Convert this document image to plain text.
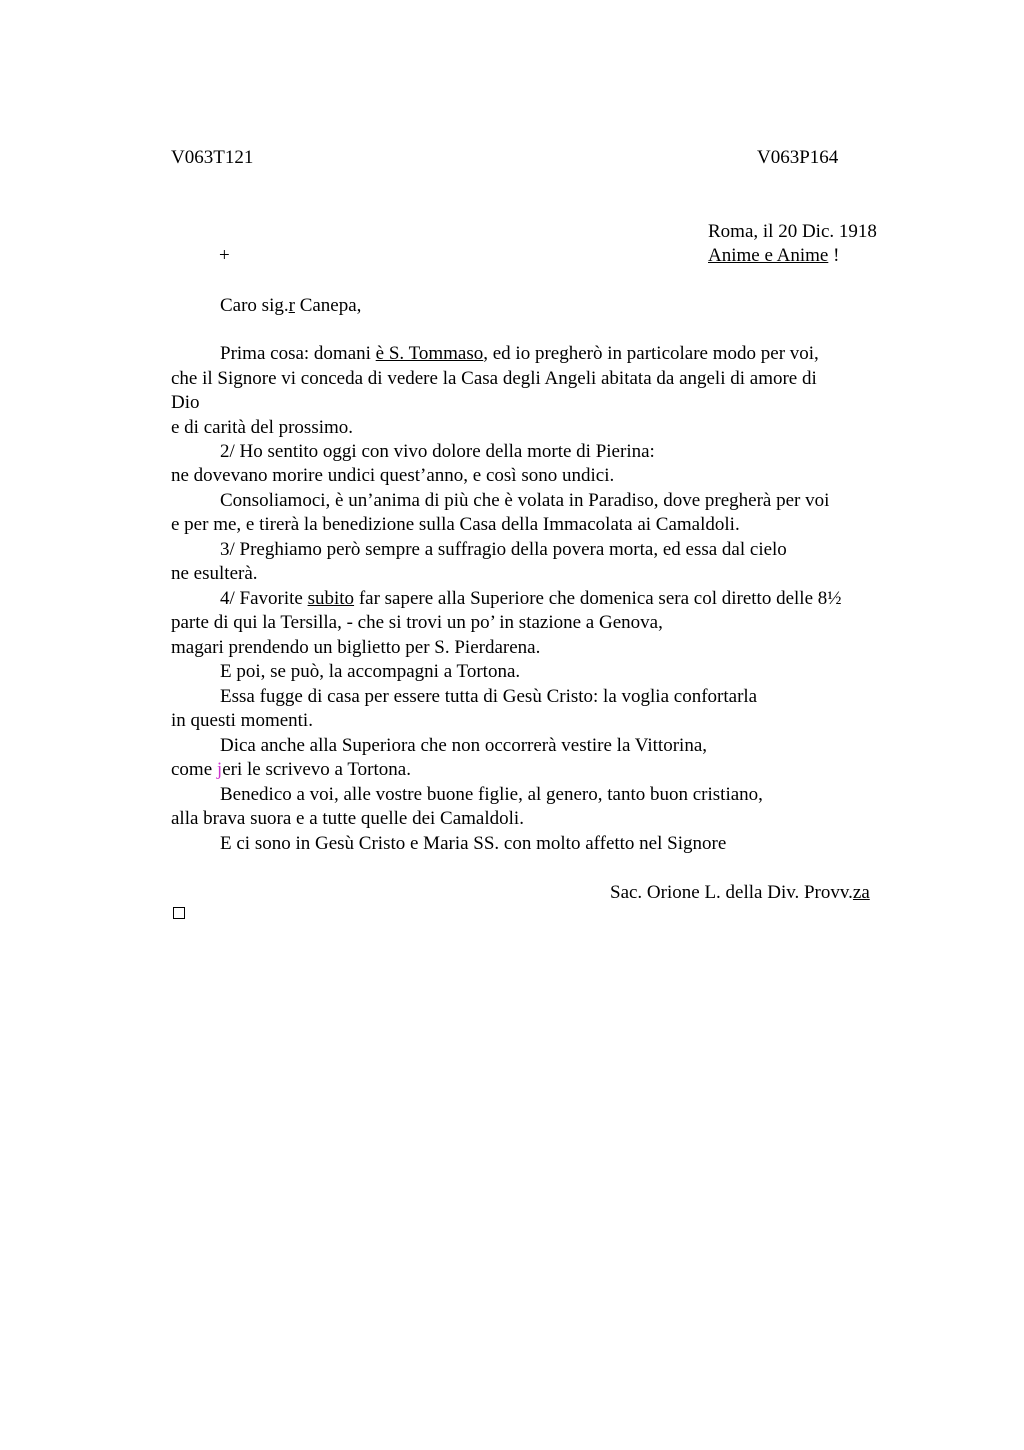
V063T121	V063P164
Roma, il 20 Dic. 1918
+	Anime e Anime !
Caro sig.r Canepa,
Prima cosa: domani è S. Tommaso, ed io pregherò in particolare modo per voi,
che il Signore vi conceda di vedere la Casa degli Angeli abitata da angeli di amore di
Dio
e di carità del prossimo.
2/ Ho sentito oggi con vivo dolore della morte di Pierina:
ne dovevano morire undici quest’anno, e così sono undici.
Consoliamoci, è un’anima di più che è volata in Paradiso, dove pregherà per voi
e per me, e tirerà la benedizione sulla Casa della Immacolata ai Camaldoli.
3/ Preghiamo però sempre a suffragio della povera morta, ed essa dal cielo
ne esulterà.
4/ Favorite subito far sapere alla Superiore che domenica sera col diretto delle 8½
parte di qui la Tersilla, - che si trovi un po’ in stazione a Genova,
magari prendendo un biglietto per S. Pierdarena.
E poi, se può, la accompagni a Tortona.
Essa fugge di casa per essere tutta di Gesù Cristo: la voglia confortarla
in questi momenti.
Dica anche alla Superiora che non occorrerà vestire la Vittorina,
come jeri le scrivevo a Tortona.
Benedico a voi, alle vostre buone figlie, al genero, tanto buon cristiano,
alla brava suora e a tutte quelle dei Camaldoli.
E ci sono in Gesù Cristo e Maria SS. con molto affetto nel Signore
Sac. Orione L. della Div. Provv.za
